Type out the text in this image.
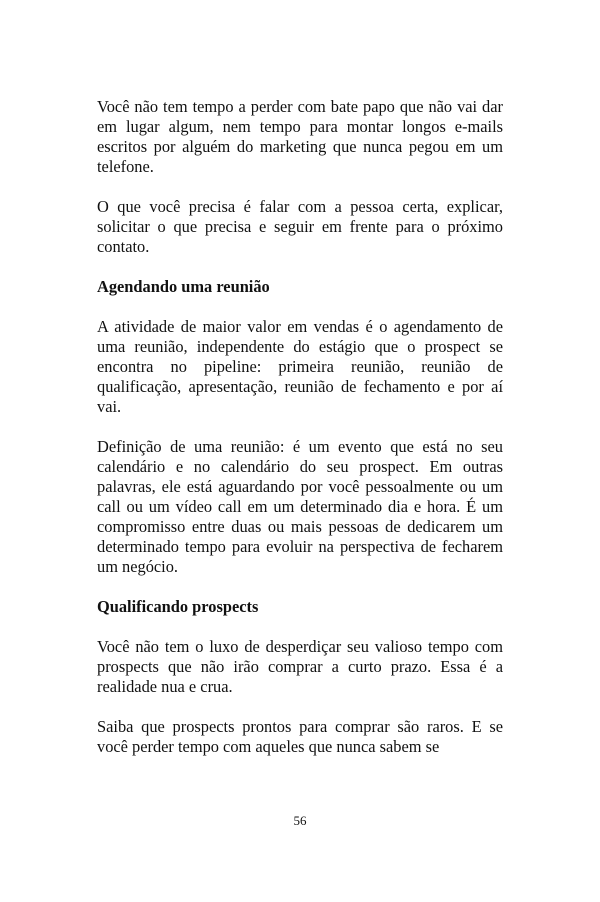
Você não tem tempo a perder com bate papo que não vai dar em lugar algum, nem tempo para montar longos e-mails escritos por alguém do marketing que nunca pegou em um telefone.

O que você precisa é falar com a pessoa certa, explicar, solicitar o que precisa e seguir em frente para o próximo contato.

Agendando uma reunião

A atividade de maior valor em vendas é o agendamento de uma reunião, independente do estágio que o prospect se encontra no pipeline: primeira reunião, reunião de qualificação, apresentação, reunião de fechamento e por aí vai.

Definição de uma reunião: é um evento que está no seu calendário e no calendário do seu prospect. Em outras palavras, ele está aguardando por você pessoalmente ou um call ou um vídeo call em um determinado dia e hora. É um compromisso entre duas ou mais pessoas de dedicarem um determinado tempo para evoluir na perspectiva de fecharem um negócio.

Qualificando prospects

Você não tem o luxo de desperdiçar seu valioso tempo com prospects que não irão comprar a curto prazo. Essa é a realidade nua e crua.

Saiba que prospects prontos para comprar são raros. E se você perder tempo com aqueles que nunca sabem se

56
